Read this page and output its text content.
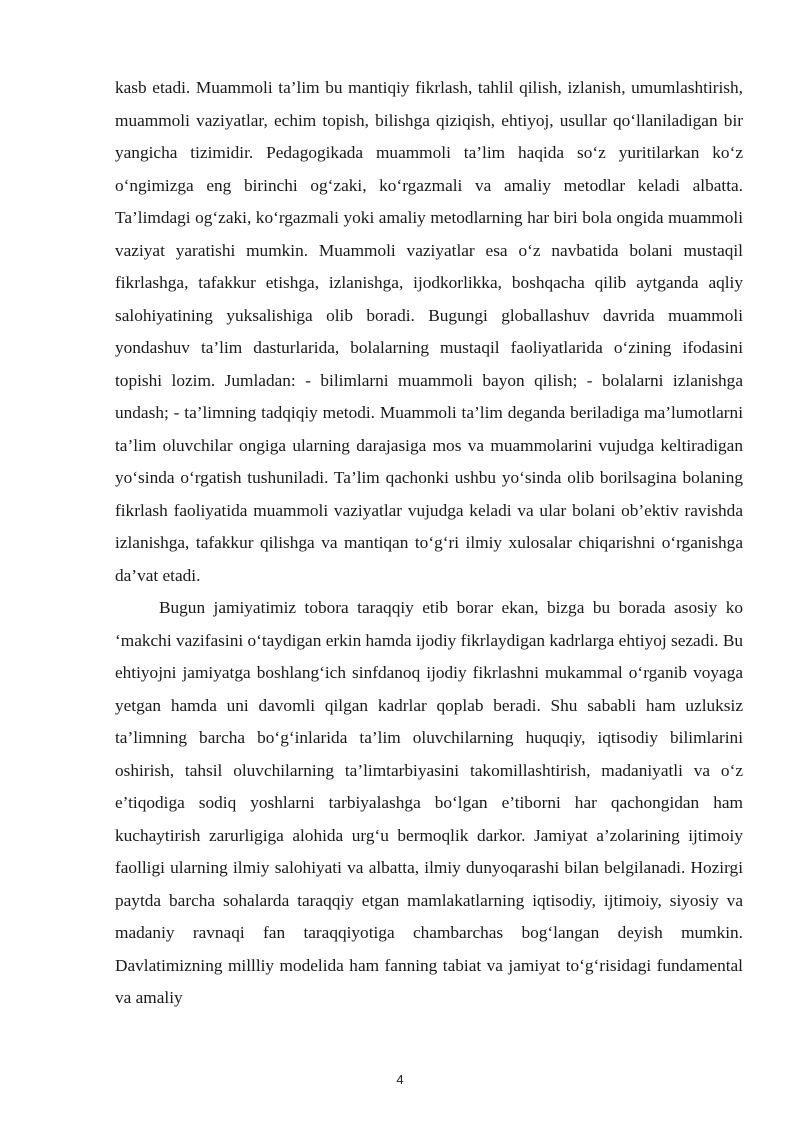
kasb etadi. Muammoli ta’lim bu mantiqiy fikrlash, tahlil qilish, izlanish, umumlashtirish, muammoli vaziyatlar, echim topish, bilishga qiziqish, ehtiyoj, usullar qo‘llaniladigan bir yangicha tizimidir. Pedagogikada muammoli ta’lim haqida so‘z yuritilarkan ko‘z o‘ngimizga eng birinchi og‘zaki, ko‘rgazmali va amaliy metodlar keladi albatta. Ta’limdagi og‘zaki, ko‘rgazmali yoki amaliy metodlarning har biri bola ongida muammoli vaziyat yaratishi mumkin. Muammoli vaziyatlar esa o‘z navbatida bolani mustaqil fikrlashga, tafakkur etishga, izlanishga, ijodkorlikka, boshqacha qilib aytganda aqliy salohiyatining yuksalishiga olib boradi. Bugungi globallashuv davrida muammoli yondashuv ta’lim dasturlarida, bolalarning mustaqil faoliyatlarida o‘zining ifodasini topishi lozim. Jumladan: - bilimlarni muammoli bayon qilish; - bolalarni izlanishga undash; - ta’limning tadqiqiy metodi. Muammoli ta’lim deganda beriladiga ma’lumotlarni ta’lim oluvchilar ongiga ularning darajasiga mos va muammolarini vujudga keltiradigan yo‘sinda o‘rgatish tushuniladi. Ta’lim qachonki ushbu yo‘sinda olib borilsagina bolaning fikrlash faoliyatida muammoli vaziyatlar vujudga keladi va ular bolani ob’ektiv ravishda izlanishga, tafakkur qilishga va mantiqan to‘g‘ri ilmiy xulosalar chiqarishni o‘rganishga da’vat etadi.

Bugun jamiyatimiz tobora taraqqiy etib borar ekan, bizga bu borada asosiy ko ‘makchi vazifasini o‘taydigan erkin hamda ijodiy fikrlaydigan kadrlarga ehtiyoj sezadi. Bu ehtiyojni jamiyatga boshlang‘ich sinfdanoq ijodiy fikrlashni mukammal o‘rganib voyaga yetgan hamda unі davomli qilgan kadrlar qoplab beradi. Shu sababli ham uzluksiz ta’limning barcha bo‘g‘inlarida ta’lim oluvchilarning huquqiy, iqtisodiy bilimlarini oshirish, tahsil oluvchilarning ta’limtarbiyasini takomillashtirish, madaniyatli va o‘z e’tiqodiga sodiq yoshlarni tarbiyalashga bo‘lgan e’tiborni har qachongidan ham kuchaytirish zarurligiga alohida urg‘u bermoqlik darkor. Jamiyat a’zolarining ijtimoiy faolligi ularning ilmiy salohiyati va albatta, ilmiy dunyoqarashi bilan belgilanadi. Hozirgi paytda barcha sohalarda taraqqiy etgan mamlakatlarning iqtisodiy, ijtimoiy, siyosiy va madaniy ravnaqi fan taraqqiyotiga chambarchas bog‘langan deyish mumkin. Davlatimizning millliy modelida ham fanning tabiat va jamiyat to‘g‘risidagi fundamental va amaliy

4
